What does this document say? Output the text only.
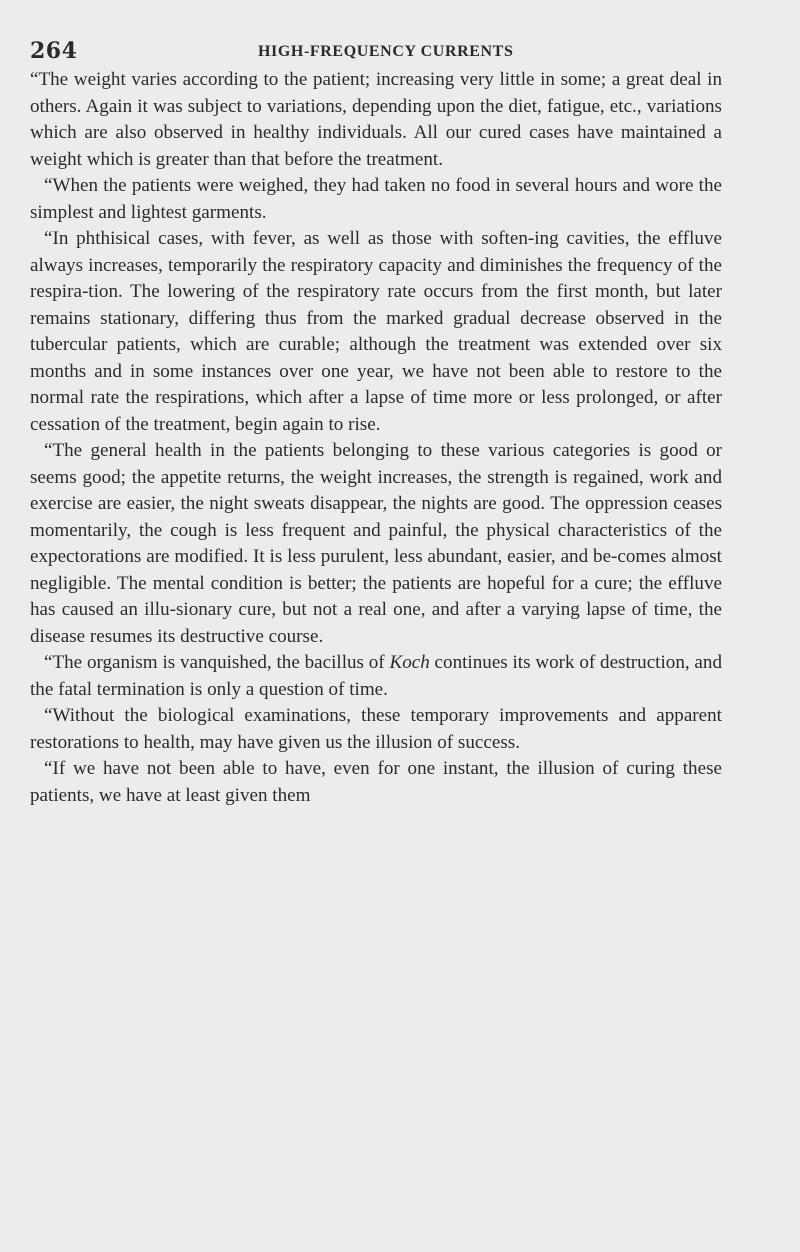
264	HIGH-FREQUENCY CURRENTS

“The weight varies according to the patient; increasing very little in some; a great deal in others. Again it was subject to variations, depending upon the diet, fatigue, etc., variations which are also observed in healthy individuals. All our cured cases have maintained a weight which is greater than that before the treatment.

“When the patients were weighed, they had taken no food in several hours and wore the simplest and lightest garments.

“In phthisical cases, with fever, as well as those with soften-ing cavities, the effluve always increases, temporarily the respiratory capacity and diminishes the frequency of the respira-tion. The lowering of the respiratory rate occurs from the first month, but later remains stationary, differing thus from the marked gradual decrease observed in the tubercular patients, which are curable; although the treatment was extended over six months and in some instances over one year, we have not been able to restore to the normal rate the respirations, which after a lapse of time more or less prolonged, or after cessation of the treatment, begin again to rise.

“The general health in the patients belonging to these various categories is good or seems good; the appetite returns, the weight increases, the strength is regained, work and exercise are easier, the night sweats disappear, the nights are good. The oppression ceases momentarily, the cough is less frequent and painful, the physical characteristics of the expectorations are modified. It is less purulent, less abundant, easier, and be-comes almost negligible. The mental condition is better; the patients are hopeful for a cure; the effluve has caused an illu-sionary cure, but not a real one, and after a varying lapse of time, the disease resumes its destructive course.

“The organism is vanquished, the bacillus of Koch continues its work of destruction, and the fatal termination is only a question of time.

“Without the biological examinations, these temporary improvements and apparent restorations to health, may have given us the illusion of success.

“If we have not been able to have, even for one instant, the illusion of curing these patients, we have at least given them
